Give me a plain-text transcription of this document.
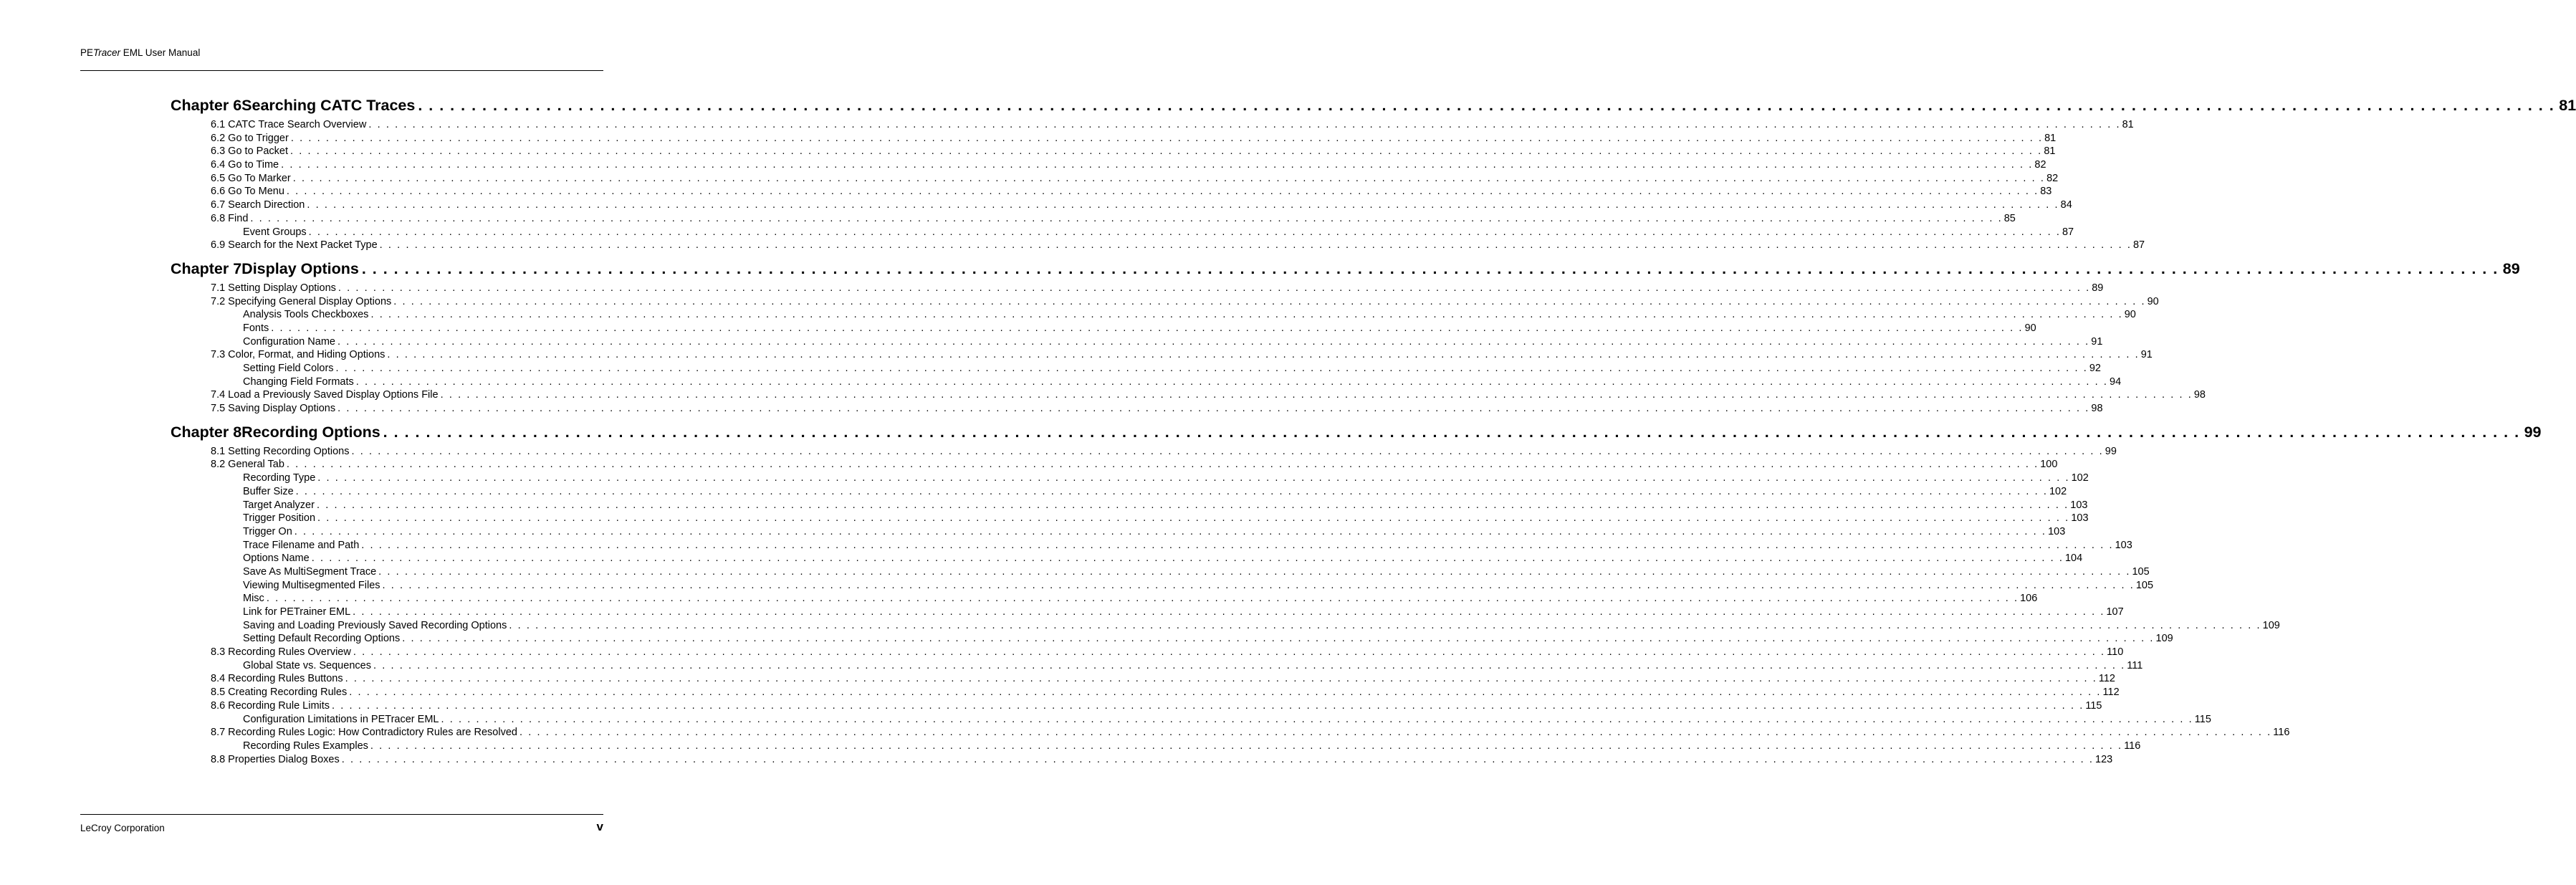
PETracer EML User Manual
Chapter 6 Searching CATC Traces . . . . . . . . . . . . . . . . . . . . . . . . . . . . . . . . . . . . . . . . . . . . . . . . . . . . . . . . . . . . . . . . . . . . . . . . . . . . . . . . . . . . . . . . . . . . . . . . . . . . . . . . . . . . . . . . . . . . . . . . . . . . . . . . . . . . . . . . . . . . . . . . . . . . . . . . . . . . . . . . . . . . . . . . . . . . . . . . . . . . . . . . . . . . . . . . . . . . . . . . 81
6.1 CATC Trace Search Overview . . . . . . . . . . . . . . . . . . . . . . . . . . . . . . . . . . . . . . . . . . . . . . . . . . . . . . . . . . . . . . . . . . . . . . . . . . . . . . . . . . . . . . . . . . . . . . . . . . . . . . . . . . . . . . . . . . . . . . . . . . . . . . . . . . . . . . . . . . . . . . . . . . . . . . . . . . . . . . . . . . . . . . . . . . . . . . . . . . . . . . . . . . . . . . . . . . . . . . . . 81
6.2 Go to Trigger . . . . . . . . . . . . . . . . . . . . . . . . . . . . . . . . . . . . . . . . . . . . . . . . . . . . . . . . . . . . . . . . . . . . . . . . . . . . . . . . . . . . . . . . . . . . . . . . . . . . . . . . . . . . . . . . . . . . . . . . . . . . . . . . . . . . . . . . . . . . . . . . . . . . . . . . . . . . . . . . . . . . . . . . . . . . . . . . . . . . . . . . . . . . . . . . . . . . . . . . 81
6.3 Go to Packet . . . . . . . . . . . . . . . . . . . . . . . . . . . . . . . . . . . . . . . . . . . . . . . . . . . . . . . . . . . . . . . . . . . . . . . . . . . . . . . . . . . . . . . . . . . . . . . . . . . . . . . . . . . . . . . . . . . . . . . . . . . . . . . . . . . . . . . . . . . . . . . . . . . . . . . . . . . . . . . . . . . . . . . . . . . . . . . . . . . . . . . . . . . . . . . . . . . . . . . . 81
6.4 Go to Time . . . . . . . . . . . . . . . . . . . . . . . . . . . . . . . . . . . . . . . . . . . . . . . . . . . . . . . . . . . . . . . . . . . . . . . . . . . . . . . . . . . . . . . . . . . . . . . . . . . . . . . . . . . . . . . . . . . . . . . . . . . . . . . . . . . . . . . . . . . . . . . . . . . . . . . . . . . . . . . . . . . . . . . . . . . . . . . . . . . . . . . . . . . . . . . . . . . . . . . . 82
6.5 Go To Marker . . . . . . . . . . . . . . . . . . . . . . . . . . . . . . . . . . . . . . . . . . . . . . . . . . . . . . . . . . . . . . . . . . . . . . . . . . . . . . . . . . . . . . . . . . . . . . . . . . . . . . . . . . . . . . . . . . . . . . . . . . . . . . . . . . . . . . . . . . . . . . . . . . . . . . . . . . . . . . . . . . . . . . . . . . . . . . . . . . . . . . . . . . . . . . . . . . . . . . . . 82
6.6 Go To Menu . . . . . . . . . . . . . . . . . . . . . . . . . . . . . . . . . . . . . . . . . . . . . . . . . . . . . . . . . . . . . . . . . . . . . . . . . . . . . . . . . . . . . . . . . . . . . . . . . . . . . . . . . . . . . . . . . . . . . . . . . . . . . . . . . . . . . . . . . . . . . . . . . . . . . . . . . . . . . . . . . . . . . . . . . . . . . . . . . . . . . . . . . . . . . . . . . . . . . . . . 83
6.7 Search Direction . . . . . . . . . . . . . . . . . . . . . . . . . . . . . . . . . . . . . . . . . . . . . . . . . . . . . . . . . . . . . . . . . . . . . . . . . . . . . . . . . . . . . . . . . . . . . . . . . . . . . . . . . . . . . . . . . . . . . . . . . . . . . . . . . . . . . . . . . . . . . . . . . . . . . . . . . . . . . . . . . . . . . . . . . . . . . . . . . . . . . . . . . . . . . . . . . . . . . . . . 84
6.8 Find . . . . . . . . . . . . . . . . . . . . . . . . . . . . . . . . . . . . . . . . . . . . . . . . . . . . . . . . . . . . . . . . . . . . . . . . . . . . . . . . . . . . . . . . . . . . . . . . . . . . . . . . . . . . . . . . . . . . . . . . . . . . . . . . . . . . . . . . . . . . . . . . . . . . . . . . . . . . . . . . . . . . . . . . . . . . . . . . . . . . . . . . . . . . . . . . . . . . . . . . 85
Event Groups . . . . . . . . . . . . . . . . . . . . . . . . . . . . . . . . . . . . . . . . . . . . . . . . . . . . . . . . . . . . . . . . . . . . . . . . . . . . . . . . . . . . . . . . . . . . . . . . . . . . . . . . . . . . . . . . . . . . . . . . . . . . . . . . . . . . . . . . . . . . . . . . . . . . . . . . . . . . . . . . . . . . . . . . . . . . . . . . . . . . . . . . . . . . . . . . . . . . . . . . 87
6.9 Search for the Next Packet Type . . . . . . . . . . . . . . . . . . . . . . . . . . . . . . . . . . . . . . . . . . . . . . . . . . . . . . . . . . . . . . . . . . . . . . . . . . . . . . . . . . . . . . . . . . . . . . . . . . . . . . . . . . . . . . . . . . . . . . . . . . . . . . . . . . . . . . . . . . . . . . . . . . . . . . . . . . . . . . . . . . . . . . . . . . . . . . . . . . . . . . . . . . . . . . . . . . . . . . . . 87
Chapter 7 Display Options . . . . . . . . . . . . . . . . . . . . . . . . . . . . . . . . . . . . . . . . . . . . . . . . . . . . . . . . . . . . . . . . . . . . . . . . . . . . . . . . . . . . . . . . . . . . . . . . . . . . . . . . . . . . . . . . . . . . . . . . . . . . . . . . . . . . . . . . . . . . . . . . . . . . . . . . . . . . . . . . . . . . . . . . . . . . . . . . . . . . . . . . . . . . . . . . . . . . . . . . 89
7.1 Setting Display Options . . . . . . . . . . . . . . . . . . . . . . . . . . . . . . . . . . . . . . . . . . . . . . . . . . . . . . . . . . . . . . . . . . . . . . . . . . . . . . . . . . . . . . . . . . . . . . . . . . . . . . . . . . . . . . . . . . . . . . . . . . . . . . . . . . . . . . . . . . . . . . . . . . . . . . . . . . . . . . . . . . . . . . . . . . . . . . . . . . . . . . . . . . . . . . . . . . . . . . . . 89
7.2 Specifying General Display Options . . . . . . . . . . . . . . . . . . . . . . . . . . . . . . . . . . . . . . . . . . . . . . . . . . . . . . . . . . . . . . . . . . . . . . . . . . . . . . . . . . . . . . . . . . . . . . . . . . . . . . . . . . . . . . . . . . . . . . . . . . . . . . . . . . . . . . . . . . . . . . . . . . . . . . . . . . . . . . . . . . . . . . . . . . . . . . . . . . . . . . . . . . . . . . . . . . . . . . . . 90
Analysis Tools Checkboxes . . . . . . . . . . . . . . . . . . . . . . . . . . . . . . . . . . . . . . . . . . . . . . . . . . . . . . . . . . . . . . . . . . . . . . . . . . . . . . . . . . . . . . . . . . . . . . . . . . . . . . . . . . . . . . . . . . . . . . . . . . . . . . . . . . . . . . . . . . . . . . . . . . . . . . . . . . . . . . . . . . . . . . . . . . . . . . . . . . . . . . . . . . . . . . . . . . . . . . . . 90
Fonts . . . . . . . . . . . . . . . . . . . . . . . . . . . . . . . . . . . . . . . . . . . . . . . . . . . . . . . . . . . . . . . . . . . . . . . . . . . . . . . . . . . . . . . . . . . . . . . . . . . . . . . . . . . . . . . . . . . . . . . . . . . . . . . . . . . . . . . . . . . . . . . . . . . . . . . . . . . . . . . . . . . . . . . . . . . . . . . . . . . . . . . . . . . . . . . . . . . . . . . . 90
Configuration Name . . . . . . . . . . . . . . . . . . . . . . . . . . . . . . . . . . . . . . . . . . . . . . . . . . . . . . . . . . . . . . . . . . . . . . . . . . . . . . . . . . . . . . . . . . . . . . . . . . . . . . . . . . . . . . . . . . . . . . . . . . . . . . . . . . . . . . . . . . . . . . . . . . . . . . . . . . . . . . . . . . . . . . . . . . . . . . . . . . . . . . . . . . . . . . . . . . . . . . . . 91
7.3 Color, Format, and Hiding Options . . . . . . . . . . . . . . . . . . . . . . . . . . . . . . . . . . . . . . . . . . . . . . . . . . . . . . . . . . . . . . . . . . . . . . . . . . . . . . . . . . . . . . . . . . . . . . . . . . . . . . . . . . . . . . . . . . . . . . . . . . . . . . . . . . . . . . . . . . . . . . . . . . . . . . . . . . . . . . . . . . . . . . . . . . . . . . . . . . . . . . . . . . . . . . . . . . . . . . . . 91
Setting Field Colors . . . . . . . . . . . . . . . . . . . . . . . . . . . . . . . . . . . . . . . . . . . . . . . . . . . . . . . . . . . . . . . . . . . . . . . . . . . . . . . . . . . . . . . . . . . . . . . . . . . . . . . . . . . . . . . . . . . . . . . . . . . . . . . . . . . . . . . . . . . . . . . . . . . . . . . . . . . . . . . . . . . . . . . . . . . . . . . . . . . . . . . . . . . . . . . . . . . . . . . . 92
Changing Field Formats . . . . . . . . . . . . . . . . . . . . . . . . . . . . . . . . . . . . . . . . . . . . . . . . . . . . . . . . . . . . . . . . . . . . . . . . . . . . . . . . . . . . . . . . . . . . . . . . . . . . . . . . . . . . . . . . . . . . . . . . . . . . . . . . . . . . . . . . . . . . . . . . . . . . . . . . . . . . . . . . . . . . . . . . . . . . . . . . . . . . . . . . . . . . . . . . . . . . . . . . 94
7.4 Load a Previously Saved Display Options File . . . . . . . . . . . . . . . . . . . . . . . . . . . . . . . . . . . . . . . . . . . . . . . . . . . . . . . . . . . . . . . . . . . . . . . . . . . . . . . . . . . . . . . . . . . . . . . . . . . . . . . . . . . . . . . . . . . . . . . . . . . . . . . . . . . . . . . . . . . . . . . . . . . . . . . . . . . . . . . . . . . . . . . . . . . . . . . . . . . . . . . . . . . . . . . . . . . . . . . . 98
7.5 Saving Display Options . . . . . . . . . . . . . . . . . . . . . . . . . . . . . . . . . . . . . . . . . . . . . . . . . . . . . . . . . . . . . . . . . . . . . . . . . . . . . . . . . . . . . . . . . . . . . . . . . . . . . . . . . . . . . . . . . . . . . . . . . . . . . . . . . . . . . . . . . . . . . . . . . . . . . . . . . . . . . . . . . . . . . . . . . . . . . . . . . . . . . . . . . . . . . . . . . . . . . . . . 98
Chapter 8 Recording Options . . . . . . . . . . . . . . . . . . . . . . . . . . . . . . . . . . . . . . . . . . . . . . . . . . . . . . . . . . . . . . . . . . . . . . . . . . . . . . . . . . . . . . . . . . . . . . . . . . . . . . . . . . . . . . . . . . . . . . . . . . . . . . . . . . . . . . . . . . . . . . . . . . . . . . . . . . . . . . . . . . . . . . . . . . . . . . . . . . . . . . . . . . . . . . . . . . . . . . . . 99
8.1 Setting Recording Options . . . . . . . . . . . . . . . . . . . . . . . . . . . . . . . . . . . . . . . . . . . . . . . . . . . . . . . . . . . . . . . . . . . . . . . . . . . . . . . . . . . . . . . . . . . . . . . . . . . . . . . . . . . . . . . . . . . . . . . . . . . . . . . . . . . . . . . . . . . . . . . . . . . . . . . . . . . . . . . . . . . . . . . . . . . . . . . . . . . . . . . . . . . . . . . . . . . . . . . . 99
8.2 General Tab . . . . . . . . . . . . . . . . . . . . . . . . . . . . . . . . . . . . . . . . . . . . . . . . . . . . . . . . . . . . . . . . . . . . . . . . . . . . . . . . . . . . . . . . . . . . . . . . . . . . . . . . . . . . . . . . . . . . . . . . . . . . . . . . . . . . . . . . . . . . . . . . . . . . . . . . . . . . . . . . . . . . . . . . . . . . . . . . . . . . . . . . . . . . . . . . . . . . . . . . 100
Recording Type . . . . . . . . . . . . . . . . . . . . . . . . . . . . . . . . . . . . . . . . . . . . . . . . . . . . . . . . . . . . . . . . . . . . . . . . . . . . . . . . . . . . . . . . . . . . . . . . . . . . . . . . . . . . . . . . . . . . . . . . . . . . . . . . . . . . . . . . . . . . . . . . . . . . . . . . . . . . . . . . . . . . . . . . . . . . . . . . . . . . . . . . . . . . . . . . . . . . . . . . 102
Buffer Size . . . . . . . . . . . . . . . . . . . . . . . . . . . . . . . . . . . . . . . . . . . . . . . . . . . . . . . . . . . . . . . . . . . . . . . . . . . . . . . . . . . . . . . . . . . . . . . . . . . . . . . . . . . . . . . . . . . . . . . . . . . . . . . . . . . . . . . . . . . . . . . . . . . . . . . . . . . . . . . . . . . . . . . . . . . . . . . . . . . . . . . . . . . . . . . . . . . . . . . . 102
Target Analyzer . . . . . . . . . . . . . . . . . . . . . . . . . . . . . . . . . . . . . . . . . . . . . . . . . . . . . . . . . . . . . . . . . . . . . . . . . . . . . . . . . . . . . . . . . . . . . . . . . . . . . . . . . . . . . . . . . . . . . . . . . . . . . . . . . . . . . . . . . . . . . . . . . . . . . . . . . . . . . . . . . . . . . . . . . . . . . . . . . . . . . . . . . . . . . . . . . . . . . . . . 103
Trigger Position . . . . . . . . . . . . . . . . . . . . . . . . . . . . . . . . . . . . . . . . . . . . . . . . . . . . . . . . . . . . . . . . . . . . . . . . . . . . . . . . . . . . . . . . . . . . . . . . . . . . . . . . . . . . . . . . . . . . . . . . . . . . . . . . . . . . . . . . . . . . . . . . . . . . . . . . . . . . . . . . . . . . . . . . . . . . . . . . . . . . . . . . . . . . . . . . . . . . . . . . 103
Trigger On . . . . . . . . . . . . . . . . . . . . . . . . . . . . . . . . . . . . . . . . . . . . . . . . . . . . . . . . . . . . . . . . . . . . . . . . . . . . . . . . . . . . . . . . . . . . . . . . . . . . . . . . . . . . . . . . . . . . . . . . . . . . . . . . . . . . . . . . . . . . . . . . . . . . . . . . . . . . . . . . . . . . . . . . . . . . . . . . . . . . . . . . . . . . . . . . . . . . . . . . 103
Trace Filename and Path . . . . . . . . . . . . . . . . . . . . . . . . . . . . . . . . . . . . . . . . . . . . . . . . . . . . . . . . . . . . . . . . . . . . . . . . . . . . . . . . . . . . . . . . . . . . . . . . . . . . . . . . . . . . . . . . . . . . . . . . . . . . . . . . . . . . . . . . . . . . . . . . . . . . . . . . . . . . . . . . . . . . . . . . . . . . . . . . . . . . . . . . . . . . . . . . . . . . . . . . 103
Options Name . . . . . . . . . . . . . . . . . . . . . . . . . . . . . . . . . . . . . . . . . . . . . . . . . . . . . . . . . . . . . . . . . . . . . . . . . . . . . . . . . . . . . . . . . . . . . . . . . . . . . . . . . . . . . . . . . . . . . . . . . . . . . . . . . . . . . . . . . . . . . . . . . . . . . . . . . . . . . . . . . . . . . . . . . . . . . . . . . . . . . . . . . . . . . . . . . . . . . . . . 104
Save As MultiSegment Trace . . . . . . . . . . . . . . . . . . . . . . . . . . . . . . . . . . . . . . . . . . . . . . . . . . . . . . . . . . . . . . . . . . . . . . . . . . . . . . . . . . . . . . . . . . . . . . . . . . . . . . . . . . . . . . . . . . . . . . . . . . . . . . . . . . . . . . . . . . . . . . . . . . . . . . . . . . . . . . . . . . . . . . . . . . . . . . . . . . . . . . . . . . . . . . . . . . . . . . . . 105
Viewing Multisegmented Files . . . . . . . . . . . . . . . . . . . . . . . . . . . . . . . . . . . . . . . . . . . . . . . . . . . . . . . . . . . . . . . . . . . . . . . . . . . . . . . . . . . . . . . . . . . . . . . . . . . . . . . . . . . . . . . . . . . . . . . . . . . . . . . . . . . . . . . . . . . . . . . . . . . . . . . . . . . . . . . . . . . . . . . . . . . . . . . . . . . . . . . . . . . . . . . . . . . . . . . . 105
Misc . . . . . . . . . . . . . . . . . . . . . . . . . . . . . . . . . . . . . . . . . . . . . . . . . . . . . . . . . . . . . . . . . . . . . . . . . . . . . . . . . . . . . . . . . . . . . . . . . . . . . . . . . . . . . . . . . . . . . . . . . . . . . . . . . . . . . . . . . . . . . . . . . . . . . . . . . . . . . . . . . . . . . . . . . . . . . . . . . . . . . . . . . . . . . . . . . . . . . . . . 106
Link for PETrainer EML . . . . . . . . . . . . . . . . . . . . . . . . . . . . . . . . . . . . . . . . . . . . . . . . . . . . . . . . . . . . . . . . . . . . . . . . . . . . . . . . . . . . . . . . . . . . . . . . . . . . . . . . . . . . . . . . . . . . . . . . . . . . . . . . . . . . . . . . . . . . . . . . . . . . . . . . . . . . . . . . . . . . . . . . . . . . . . . . . . . . . . . . . . . . . . . . . . . . . . . . 107
Saving and Loading Previously Saved Recording Options . . . . . . . . . . . . . . . . . . . . . . . . . . . . . . . . . . . . . . . . . . . . . . . . . . . . . . . . . . . . . . . . . . . . . . . . . . . . . . . . . . . . . . . . . . . . . . . . . . . . . . . . . . . . . . . . . . . . . . . . . . . . . . . . . . . . . . . . . . . . . . . . . . . . . . . . . . . . . . . . . . . . . . . . . . . . . . . . . . . . . . . . . . . . . . . . . . . . . . . . 109
Setting Default Recording Options . . . . . . . . . . . . . . . . . . . . . . . . . . . . . . . . . . . . . . . . . . . . . . . . . . . . . . . . . . . . . . . . . . . . . . . . . . . . . . . . . . . . . . . . . . . . . . . . . . . . . . . . . . . . . . . . . . . . . . . . . . . . . . . . . . . . . . . . . . . . . . . . . . . . . . . . . . . . . . . . . . . . . . . . . . . . . . . . . . . . . . . . . . . . . . . . . . . . . . . . 109
8.3 Recording Rules Overview . . . . . . . . . . . . . . . . . . . . . . . . . . . . . . . . . . . . . . . . . . . . . . . . . . . . . . . . . . . . . . . . . . . . . . . . . . . . . . . . . . . . . . . . . . . . . . . . . . . . . . . . . . . . . . . . . . . . . . . . . . . . . . . . . . . . . . . . . . . . . . . . . . . . . . . . . . . . . . . . . . . . . . . . . . . . . . . . . . . . . . . . . . . . . . . . . . . . . . . . 110
Global State vs. Sequences . . . . . . . . . . . . . . . . . . . . . . . . . . . . . . . . . . . . . . . . . . . . . . . . . . . . . . . . . . . . . . . . . . . . . . . . . . . . . . . . . . . . . . . . . . . . . . . . . . . . . . . . . . . . . . . . . . . . . . . . . . . . . . . . . . . . . . . . . . . . . . . . . . . . . . . . . . . . . . . . . . . . . . . . . . . . . . . . . . . . . . . . . . . . . . . . . . . . . . . . 111
8.4 Recording Rules Buttons . . . . . . . . . . . . . . . . . . . . . . . . . . . . . . . . . . . . . . . . . . . . . . . . . . . . . . . . . . . . . . . . . . . . . . . . . . . . . . . . . . . . . . . . . . . . . . . . . . . . . . . . . . . . . . . . . . . . . . . . . . . . . . . . . . . . . . . . . . . . . . . . . . . . . . . . . . . . . . . . . . . . . . . . . . . . . . . . . . . . . . . . . . . . . . . . . . . . . . . . 112
8.5 Creating Recording Rules . . . . . . . . . . . . . . . . . . . . . . . . . . . . . . . . . . . . . . . . . . . . . . . . . . . . . . . . . . . . . . . . . . . . . . . . . . . . . . . . . . . . . . . . . . . . . . . . . . . . . . . . . . . . . . . . . . . . . . . . . . . . . . . . . . . . . . . . . . . . . . . . . . . . . . . . . . . . . . . . . . . . . . . . . . . . . . . . . . . . . . . . . . . . . . . . . . . . . . . . 112
8.6 Recording Rule Limits . . . . . . . . . . . . . . . . . . . . . . . . . . . . . . . . . . . . . . . . . . . . . . . . . . . . . . . . . . . . . . . . . . . . . . . . . . . . . . . . . . . . . . . . . . . . . . . . . . . . . . . . . . . . . . . . . . . . . . . . . . . . . . . . . . . . . . . . . . . . . . . . . . . . . . . . . . . . . . . . . . . . . . . . . . . . . . . . . . . . . . . . . . . . . . . . . . . . . . . . 115
Configuration Limitations in PETracer EML . . . . . . . . . . . . . . . . . . . . . . . . . . . . . . . . . . . . . . . . . . . . . . . . . . . . . . . . . . . . . . . . . . . . . . . . . . . . . . . . . . . . . . . . . . . . . . . . . . . . . . . . . . . . . . . . . . . . . . . . . . . . . . . . . . . . . . . . . . . . . . . . . . . . . . . . . . . . . . . . . . . . . . . . . . . . . . . . . . . . . . . . . . . . . . . . . . . . . . . . 115
8.7 Recording Rules Logic: How Contradictory Rules are Resolved . . . . . . . . . . . . . . . . . . . . . . . . . . . . . . . . . . . . . . . . . . . . . . . . . . . . . . . . . . . . . . . . . . . . . . . . . . . . . . . . . . . . . . . . . . . . . . . . . . . . . . . . . . . . . . . . . . . . . . . . . . . . . . . . . . . . . . . . . . . . . . . . . . . . . . . . . . . . . . . . . . . . . . . . . . . . . . . . . . . . . . . . . . . . . . . . . . . . . . . . 116
Recording Rules Examples . . . . . . . . . . . . . . . . . . . . . . . . . . . . . . . . . . . . . . . . . . . . . . . . . . . . . . . . . . . . . . . . . . . . . . . . . . . . . . . . . . . . . . . . . . . . . . . . . . . . . . . . . . . . . . . . . . . . . . . . . . . . . . . . . . . . . . . . . . . . . . . . . . . . . . . . . . . . . . . . . . . . . . . . . . . . . . . . . . . . . . . . . . . . . . . . . . . . . . . . 116
8.8 Properties Dialog Boxes . . . . . . . . . . . . . . . . . . . . . . . . . . . . . . . . . . . . . . . . . . . . . . . . . . . . . . . . . . . . . . . . . . . . . . . . . . . . . . . . . . . . . . . . . . . . . . . . . . . . . . . . . . . . . . . . . . . . . . . . . . . . . . . . . . . . . . . . . . . . . . . . . . . . . . . . . . . . . . . . . . . . . . . . . . . . . . . . . . . . . . . . . . . . . . . . . . . . . . . . 123
LeCroy Corporation	v
